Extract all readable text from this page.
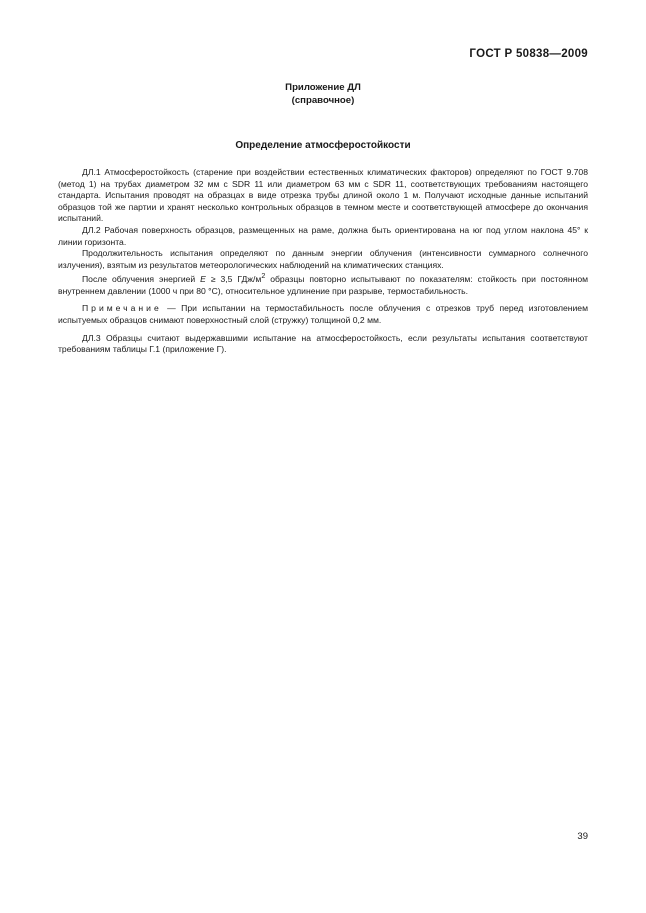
ГОСТ Р 50838—2009
Приложение ДЛ
(справочное)
Определение атмосферостойкости

ДЛ.1 Атмосферостойкость (старение при воздействии естественных климатических факторов) определяют по ГОСТ 9.708 (метод 1) на трубах диаметром 32 мм с SDR 11 или диаметром 63 мм с SDR 11, соответствующих требованиям настоящего стандарта. Испытания проводят на образцах в виде отрезка трубы длиной около 1 м. Получают исходные данные испытаний образцов той же партии и хранят несколько контрольных образцов в темном месте и соответствующей атмосфере до окончания испытаний.

ДЛ.2 Рабочая поверхность образцов, размещенных на раме, должна быть ориентирована на юг под углом наклона 45° к линии горизонта.

Продолжительность испытания определяют по данным энергии облучения (интенсивности суммарного солнечного излучения), взятым из результатов метеорологических наблюдений на климатических станциях.

После облучения энергией E ≥ 3,5 ГДж/$м^2$ образцы повторно испытывают по показателям: стойкость при постоянном внутреннем давлении (1000 ч при 80 °С), относительное удлинение при разрыве, термостабильность.

Примечание — При испытании на термостабильность после облучения с отрезков труб перед изготовлением испытуемых образцов снимают поверхностный слой (стружку) толщиной 0,2 мм.

ДЛ.3 Образцы считают выдержавшими испытание на атмосферостойкость, если результаты испытания соответствуют требованиям таблицы Г.1 (приложение Г).

39
